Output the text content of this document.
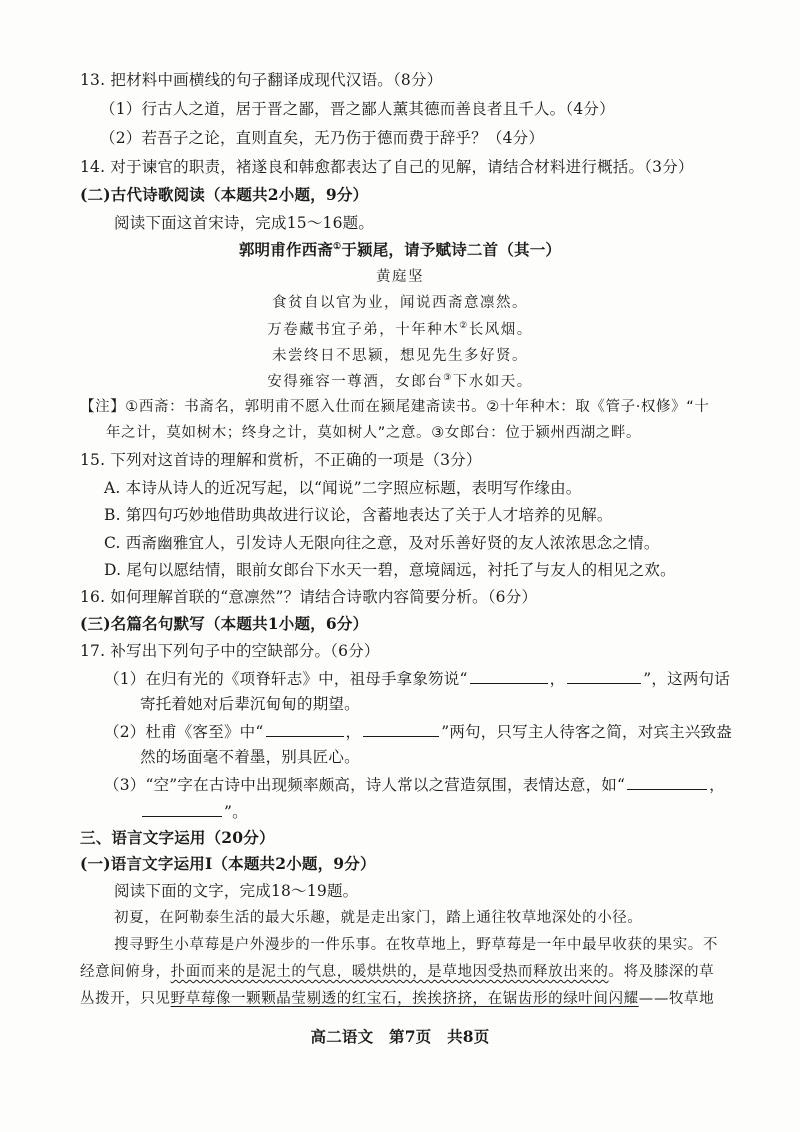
13. 把材料中画横线的句子翻译成现代汉语。（8分）
（1）行古人之道，居于晋之鄙，晋之鄙人薰其德而善良者且千人。（4分）
（2）若吾子之论，直则直矣，无乃伤于德而费于辞乎？（4分）
14. 对于谏官的职责，褚遂良和韩愈都表达了自己的见解，请结合材料进行概括。（3分）
(二)古代诗歌阅读（本题共2小题，9分）
阅读下面这首宋诗，完成15～16题。
郭明甫作西斋①于颍尾，请予赋诗二首（其一）
黄庭坚
食贫自以官为业，闻说西斋意凛然。
万卷藏书宜子弟，十年种木②长风烟。
未尝终日不思颍，想见先生多好贤。
安得雍容一尊酒，女郎台③下水如天。
【注】①西斋：书斋名，郭明甫不愿入仕而在颍尾建斋读书。②十年种木：取《管子·权修》“十
年之计，莫如树木；终身之计，莫如树人”之意。③女郎台：位于颍州西湖之畔。
15. 下列对这首诗的理解和赏析，不正确的一项是（3分）
A. 本诗从诗人的近况写起，以“闻说”二字照应标题，表明写作缘由。
B. 第四句巧妙地借助典故进行议论，含蓄地表达了关于人才培养的见解。
C. 西斋幽雅宜人，引发诗人无限向往之意，及对乐善好贤的友人浓浓思念之情。
D. 尾句以愿结情，眼前女郎台下水天一碧，意境阔远，衬托了与友人的相见之欢。
16. 如何理解首联的“意凛然”？请结合诗歌内容简要分析。（6分）
(三)名篇名句默写（本题共1小题，6分）
17. 补写出下列句子中的空缺部分。（6分）
（1）在归有光的《项脊轩志》中，祖母手拿象笏说“	，	”，这两句话
寄托着她对后辈沉甸甸的期望。
（2）杜甫《客至》中“	，	”两句，只写主人待客之简，对宾主兴致盎
然的场面毫不着墨，别具匠心。
（3）“空”字在古诗中出现频率颇高，诗人常以之营造氛围，表情达意，如“	，
”。
三、语言文字运用（20分）
(一)语言文字运用Ⅰ（本题共2小题，9分）
阅读下面的文字，完成18～19题。
初夏，在阿勒泰生活的最大乐趣，就是走出家门，踏上通往牧草地深处的小径。
搜寻野生小草莓是户外漫步的一件乐事。在牧草地上，野草莓是一年中最早收获的果实。不
经意间俯身，扑面而来的是泥土的气息，暖烘烘的，是草地因受热而释放出来的。将及膝深的草
丛拨开，只见野草莓像一颗颗晶莹剔透的红宝石，挨挨挤挤，在锯齿形的绿叶间闪耀——牧草地
高二语文　第7页　共8页
